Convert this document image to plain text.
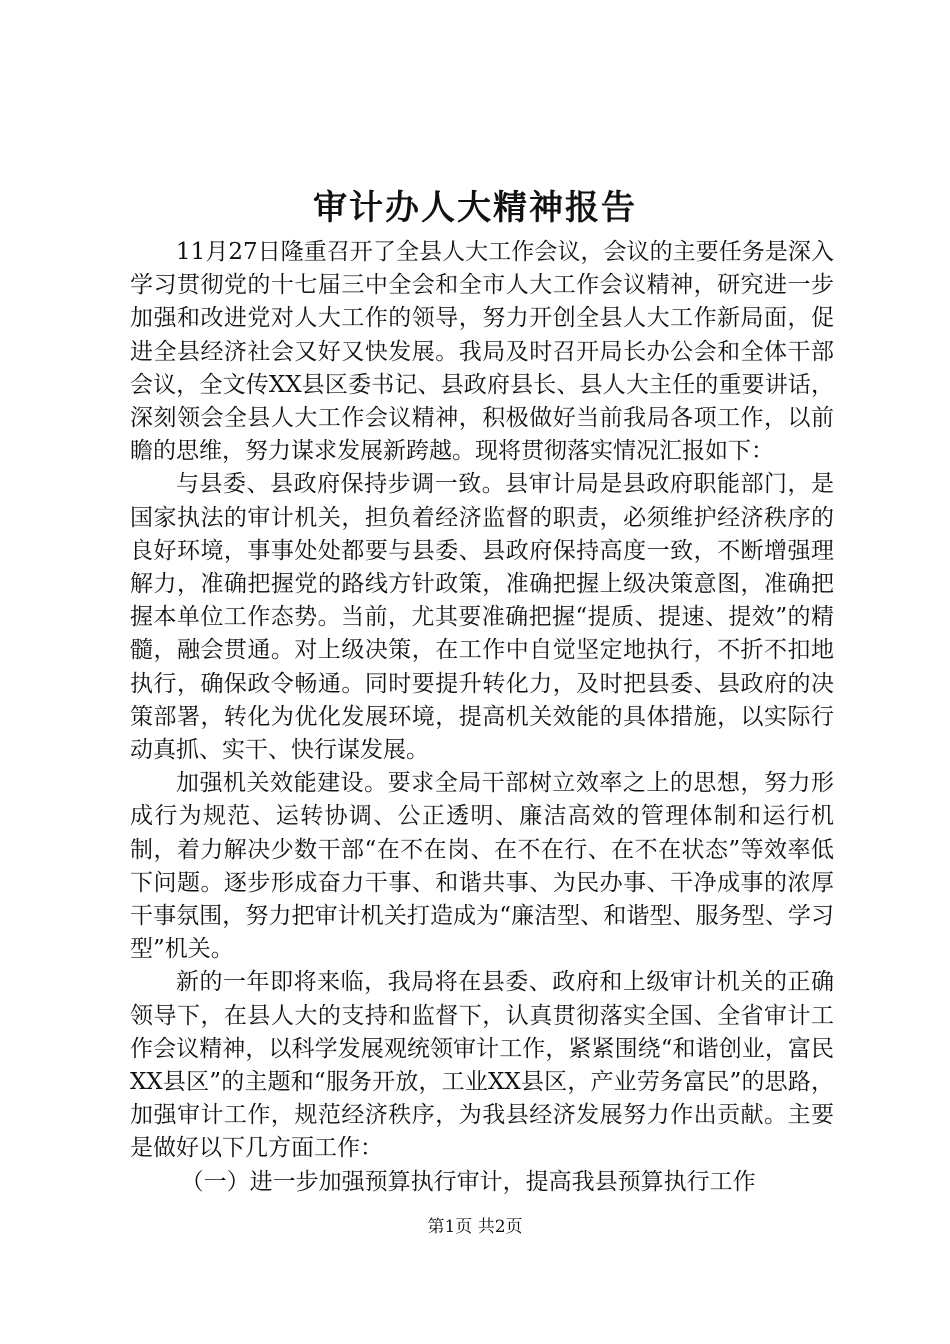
审计办人大精神报告

11月27日隆重召开了全县人大工作会议，会议的主要任务是深入学习贯彻党的十七届三中全会和全市人大工作会议精神，研究进一步加强和改进党对人大工作的领导，努力开创全县人大工作新局面，促进全县经济社会又好又快发展。我局及时召开局长办公会和全体干部会议，全文传XX县区委书记、县政府县长、县人大主任的重要讲话，深刻领会全县人大工作会议精神，积极做好当前我局各项工作，以前瞻的思维，努力谋求发展新跨越。现将贯彻落实情况汇报如下：

与县委、县政府保持步调一致。县审计局是县政府职能部门，是国家执法的审计机关，担负着经济监督的职责，必须维护经济秩序的良好环境，事事处处都要与县委、县政府保持高度一致，不断增强理解力，准确把握党的路线方针政策，准确把握上级决策意图，准确把握本单位工作态势。当前，尤其要准确把握“提质、提速、提效”的精髓，融会贯通。对上级决策，在工作中自觉坚定地执行，不折不扣地执行，确保政令畅通。同时要提升转化力，及时把县委、县政府的决策部署，转化为优化发展环境，提高机关效能的具体措施，以实际行动真抓、实干、快行谋发展。

加强机关效能建设。要求全局干部树立效率之上的思想，努力形成行为规范、运转协调、公正透明、廉洁高效的管理体制和运行机制，着力解决少数干部“在不在岗、在不在行、在不在状态”等效率低下问题。逐步形成奋力干事、和谐共事、为民办事、干净成事的浓厚干事氛围，努力把审计机关打造成为“廉洁型、和谐型、服务型、学习型”机关。

新的一年即将来临，我局将在县委、政府和上级审计机关的正确领导下，在县人大的支持和监督下，认真贯彻落实全国、全省审计工作会议精神，以科学发展观统领审计工作，紧紧围绕“和谐创业，富民XX县区”的主题和“服务开放，工业XX县区，产业劳务富民”的思路，加强审计工作，规范经济秩序，为我县经济发展努力作出贡献。主要是做好以下几方面工作：

（一）进一步加强预算执行审计，提高我县预算执行工作

第1页 共2页
